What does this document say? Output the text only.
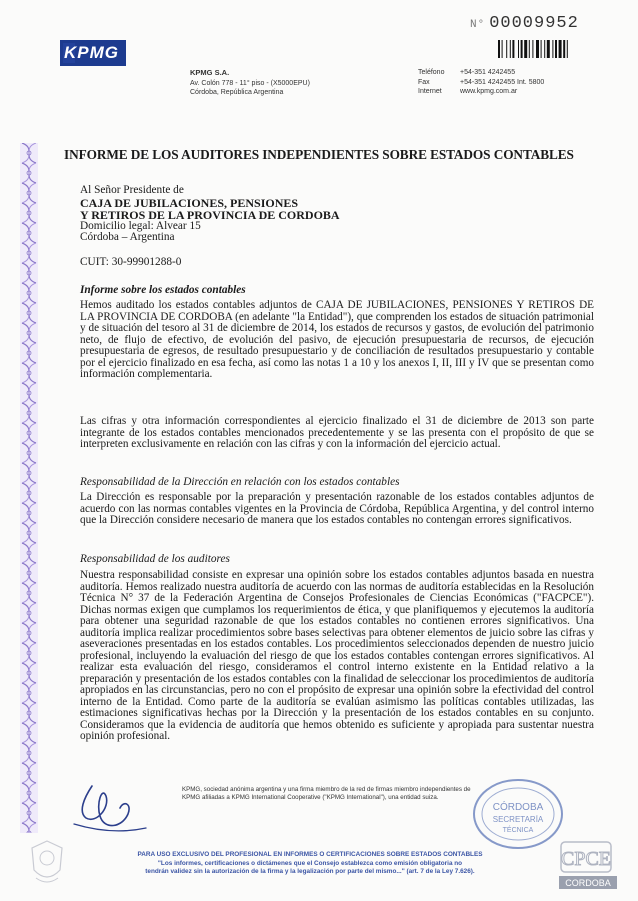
N° 00009952
KPMG
KPMG S.A.
Av. Colón 778 - 11° piso - (X5000EPU)
Córdoba, República Argentina
Teléfono +54-351 4242455
Fax	+54-351 4242455 Int. 5800
Internet	www.kpmg.com.ar
INFORME DE LOS AUDITORES INDEPENDIENTES SOBRE ESTADOS CONTABLES
Al Señor Presidente de
CAJA DE JUBILACIONES, PENSIONES
Y RETIROS DE LA PROVINCIA DE CORDOBA
Domicilio legal: Alvear 15
Córdoba – Argentina
CUIT: 30-99901288-0
Informe sobre los estados contables
Hemos auditado los estados contables adjuntos de CAJA DE JUBILACIONES, PENSIONES Y RETIROS DE LA PROVINCIA DE CORDOBA (en adelante "la Entidad"), que comprenden los estados de situación patrimonial y de situación del tesoro al 31 de diciembre de 2014, los estados de recursos y gastos, de evolución del patrimonio neto, de flujo de efectivo, de evolución del pasivo, de ejecución presupuestaria de recursos, de ejecución presupuestaria de egresos, de resultado presupuestario y de conciliación de resultados presupuestario y contable por el ejercicio finalizado en esa fecha, así como las notas 1 a 10 y los anexos I, II, III y IV que se presentan como información complementaria.
Las cifras y otra información correspondientes al ejercicio finalizado el 31 de diciembre de 2013 son parte integrante de los estados contables mencionados precedentemente y se las presenta con el propósito de que se interpreten exclusivamente en relación con las cifras y con la información del ejercicio actual.
Responsabilidad de la Dirección en relación con los estados contables
La Dirección es responsable por la preparación y presentación razonable de los estados contables adjuntos de acuerdo con las normas contables vigentes en la Provincia de Córdoba, República Argentina, y del control interno que la Dirección considere necesario de manera que los estados contables no contengan errores significativos.
Responsabilidad de los auditores
Nuestra responsabilidad consiste en expresar una opinión sobre los estados contables adjuntos basada en nuestra auditoría. Hemos realizado nuestra auditoría de acuerdo con las normas de auditoría establecidas en la Resolución Técnica N° 37 de la Federación Argentina de Consejos Profesionales de Ciencias Económicas ("FACPCE"). Dichas normas exigen que cumplamos los requerimientos de ética, y que planifiquemos y ejecutemos la auditoría para obtener una seguridad razonable de que los estados contables no contienen errores significativos. Una auditoría implica realizar procedimientos sobre bases selectivas para obtener elementos de juicio sobre las cifras y aseveraciones presentadas en los estados contables. Los procedimientos seleccionados dependen de nuestro juicio profesional, incluyendo la evaluación del riesgo de que los estados contables contengan errores significativos. Al realizar esta evaluación del riesgo, consideramos el control interno existente en la Entidad relativo a la preparación y presentación de los estados contables con la finalidad de seleccionar los procedimientos de auditoría apropiados en las circunstancias, pero no con el propósito de expresar una opinión sobre la efectividad del control interno de la Entidad. Como parte de la auditoría se evalúan asimismo las políticas contables utilizadas, las estimaciones significativas hechas por la Dirección y la presentación de los estados contables en su conjunto. Consideramos que la evidencia de auditoría que hemos obtenido es suficiente y apropiada para sustentar nuestra opinión profesional.
KPMG, sociedad anónima argentina y una firma miembro de la red de firmas miembro independientes de KPMG afiliadas a KPMG International Cooperative ("KPMG International"), una entidad suiza.
CÓRDOBA
SECRETARÍA
TÉCNICA
PARA USO EXCLUSIVO DEL PROFESIONAL EN INFORMES O CERTIFICACIONES SOBRE ESTADOS CONTABLES
"Los informes, certificaciones o dictámenes que el Consejo establezca como emisión obligatoria no
tendrán validez sin la autorización de la firma y la legalización por parte del mismo..." (art. 7 de la Ley 7.626).
CPCE
CORDOBA
